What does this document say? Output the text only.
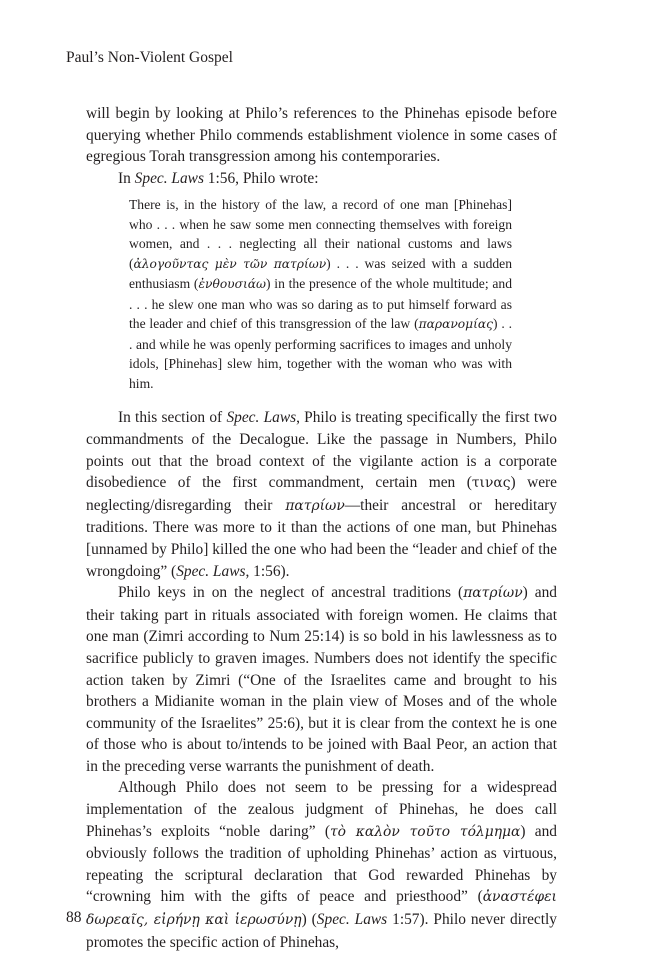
Paul’s Non-Violent Gospel

will begin by looking at Philo’s references to the Phinehas episode before querying whether Philo commends establishment violence in some cases of egregious Torah transgression among his contemporaries.

In Spec. Laws 1:56, Philo wrote:

There is, in the history of the law, a record of one man [Phinehas] who . . . when he saw some men connecting themselves with foreign women, and . . . neglecting all their national customs and laws (ἀλογοῦντας μὲν τῶν πατρίων) . . . was seized with a sudden enthusiasm (ἐνθουσιάω) in the presence of the whole multitude; and . . . he slew one man who was so daring as to put himself forward as the leader and chief of this transgression of the law (παρανομίας) . . . and while he was openly performing sacrifices to images and unholy idols, [Phinehas] slew him, together with the woman who was with him.

In this section of Spec. Laws, Philo is treating specifically the first two commandments of the Decalogue. Like the passage in Numbers, Philo points out that the broad context of the vigilante action is a corporate disobedience of the first commandment, certain men (τινας) were neglecting/disregarding their πατρίων—their ancestral or hereditary traditions. There was more to it than the actions of one man, but Phinehas [unnamed by Philo] killed the one who had been the “leader and chief of the wrongdoing” (Spec. Laws, 1:56).

Philo keys in on the neglect of ancestral traditions (πατρίων) and their taking part in rituals associated with foreign women. He claims that one man (Zimri according to Num 25:14) is so bold in his lawlessness as to sacrifice publicly to graven images. Numbers does not identify the specific action taken by Zimri (“One of the Israelites came and brought to his brothers a Midianite woman in the plain view of Moses and of the whole community of the Israelites” 25:6), but it is clear from the context he is one of those who is about to/intends to be joined with Baal Peor, an action that in the preceding verse warrants the punishment of death.

Although Philo does not seem to be pressing for a widespread implementation of the zealous judgment of Phinehas, he does call Phinehas’s exploits “noble daring” (τὸ καλὸν τοῦτο τόλμημα) and obviously follows the tradition of upholding Phinehas’ action as virtuous, repeating the scriptural declaration that God rewarded Phinehas by “crowning him with the gifts of peace and priesthood” (ἀναστέφει δωρεαῖς, εἰρήνῃ καὶ ἱερωσύνῃ) (Spec. Laws 1:57). Philo never directly promotes the specific action of Phinehas,

88
